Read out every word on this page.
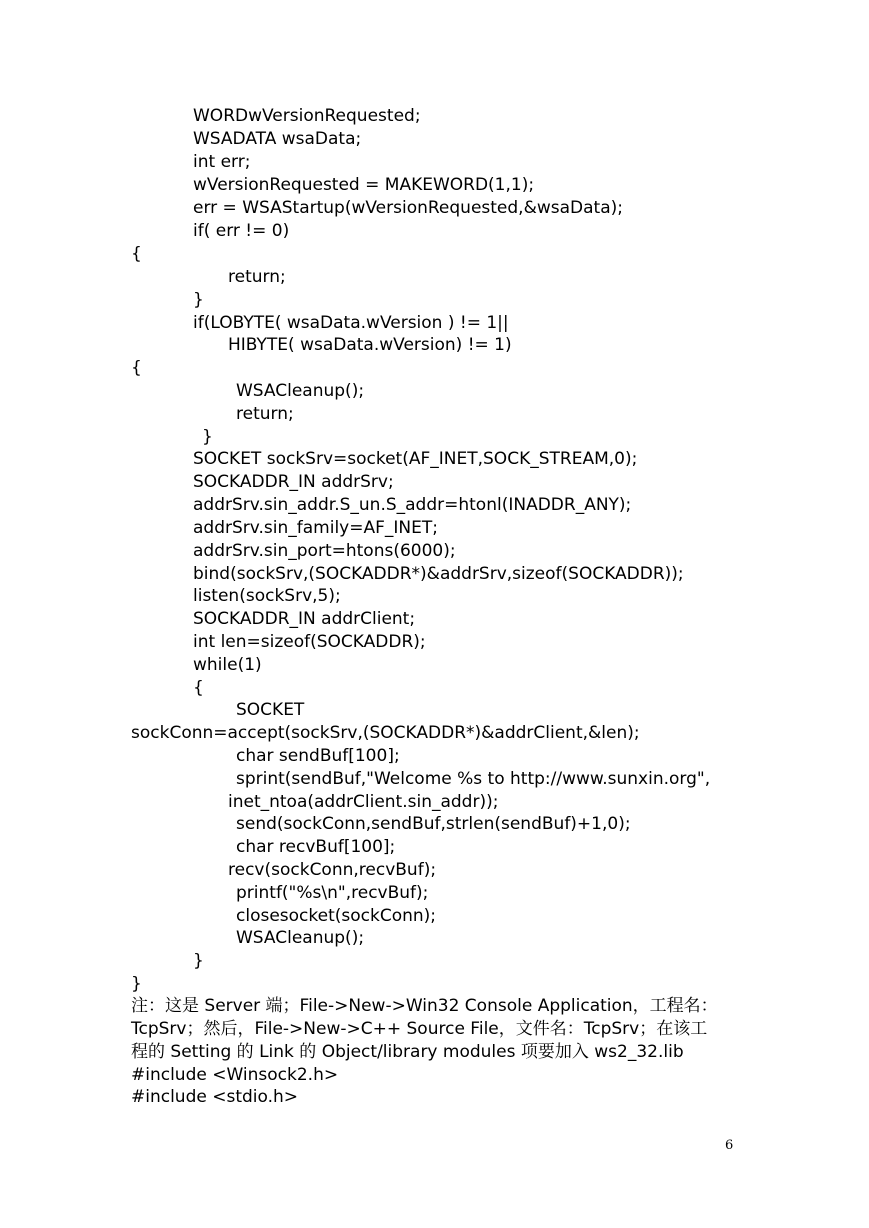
WORDwVersionRequested;

WSADATA wsaData;

int err;

wVersionRequested = MAKEWORD(1,1);

err = WSAStartup(wVersionRequested,&wsaData);

if( err != 0)

{

return;

}

if(LOBYTE( wsaData.wVersion ) != 1||

HIBYTE( wsaData.wVersion) != 1)

{

WSACleanup();

return;

}

SOCKET sockSrv=socket(AF_INET,SOCK_STREAM,0);

SOCKADDR_IN addrSrv;

addrSrv.sin_addr.S_un.S_addr=htonl(INADDR_ANY);

addrSrv.sin_family=AF_INET;

addrSrv.sin_port=htons(6000);

bind(sockSrv,(SOCKADDR*)&addrSrv,sizeof(SOCKADDR));

listen(sockSrv,5);

SOCKADDR_IN addrClient;

int len=sizeof(SOCKADDR);

while(1)

{

SOCKET

sockConn=accept(sockSrv,(SOCKADDR*)&addrClient,&len);

char sendBuf[100];

sprint(sendBuf,"Welcome %s to http://www.sunxin.org",

inet_ntoa(addrClient.sin_addr));

send(sockConn,sendBuf,strlen(sendBuf)+1,0);

char recvBuf[100];

recv(sockConn,recvBuf);

printf("%s\n",recvBuf);

closesocket(sockConn);

WSACleanup();

}

}

注：这是 Server 端；File->New->Win32 Console Application，工程名：

TcpSrv；然后，File->New->C++ Source File，文件名：TcpSrv；在该工

程的 Setting 的 Link 的 Object/library modules 项要加入 ws2_32.lib

#include <Winsock2.h>

#include <stdio.h>

6
